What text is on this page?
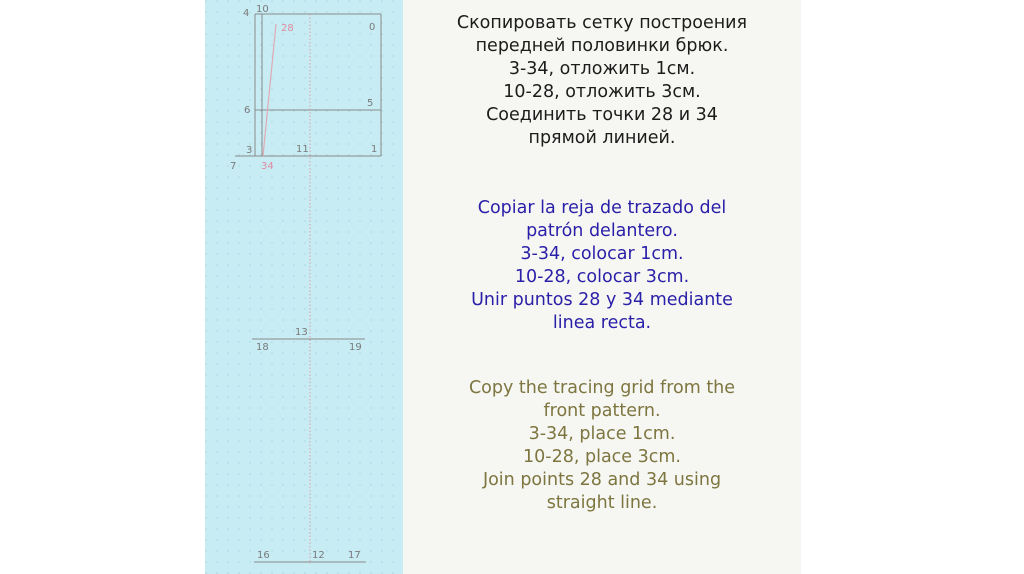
4 10
28	0
6
5
3	11	1
7 34
13
18	19
16	12 17
Скопировать сетку построения
передней половинки брюк.
3-34, отложить 1см.
10-28, отложить 3см.
Соединить точки 28 и 34
прямой линией.
Copiar la reja de trazado del
patrón delantero.
3-34, colocar 1cm.
10-28, colocar 3cm.
Unir puntos 28 y 34 mediante
linea recta.
Copy the tracing grid from the
front pattern.
3-34, place 1cm.
10-28, place 3cm.
Join points 28 and 34 using
straight line.
